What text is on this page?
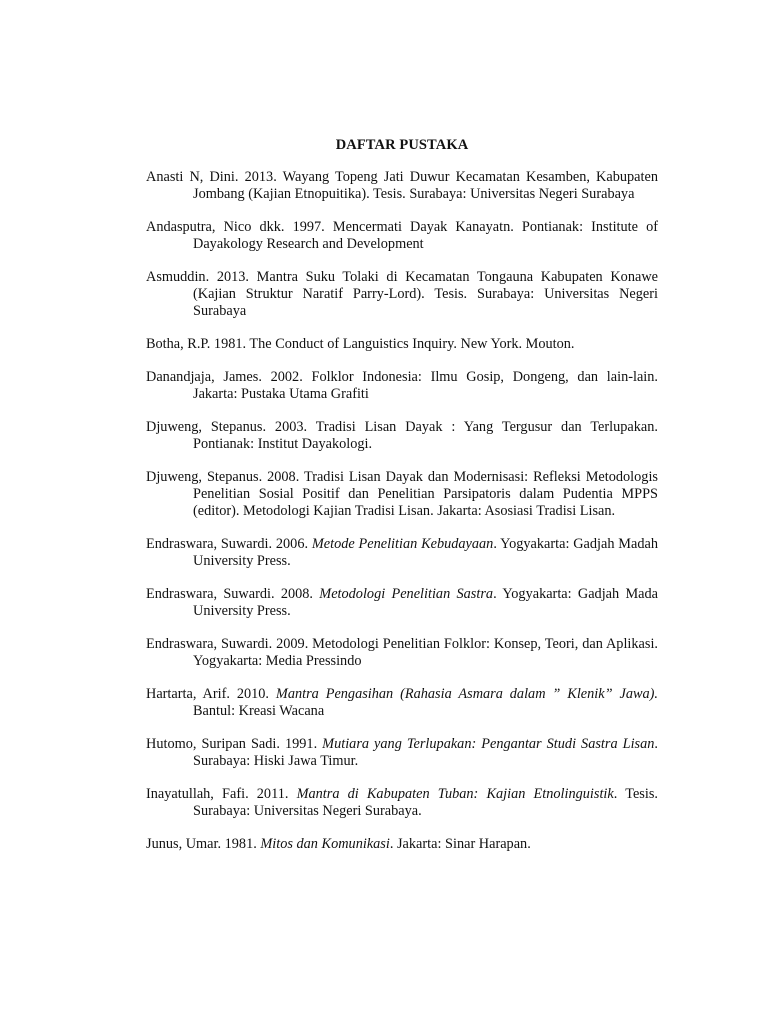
DAFTAR PUSTAKA

Anasti N, Dini. 2013. Wayang Topeng Jati Duwur Kecamatan Kesamben, Kabupaten Jombang (Kajian Etnopuitika). Tesis. Surabaya: Universitas Negeri Surabaya

Andasputra, Nico dkk. 1997. Mencermati Dayak Kanayatn. Pontianak: Institute of Dayakology Research and Development

Asmuddin. 2013. Mantra Suku Tolaki di Kecamatan Tongauna Kabupaten Konawe (Kajian Struktur Naratif Parry-Lord). Tesis. Surabaya: Universitas Negeri Surabaya

Botha, R.P. 1981. The Conduct of Languistics Inquiry. New York. Mouton.

Danandjaja, James. 2002. Folklor Indonesia: Ilmu Gosip, Dongeng, dan lain-lain. Jakarta: Pustaka Utama Grafiti

Djuweng, Stepanus. 2003. Tradisi Lisan Dayak : Yang Tergusur dan Terlupakan. Pontianak: Institut Dayakologi.

Djuweng, Stepanus. 2008. Tradisi Lisan Dayak dan Modernisasi: Refleksi Metodologis Penelitian Sosial Positif dan Penelitian Parsipatoris dalam Pudentia MPPS (editor). Metodologi Kajian Tradisi Lisan. Jakarta: Asosiasi Tradisi Lisan.

Endraswara, Suwardi. 2006. Metode Penelitian Kebudayaan. Yogyakarta: Gadjah Madah University Press.

Endraswara, Suwardi. 2008. Metodologi Penelitian Sastra. Yogyakarta: Gadjah Mada University Press.

Endraswara, Suwardi. 2009. Metodologi Penelitian Folklor: Konsep, Teori, dan Aplikasi. Yogyakarta: Media Pressindo

Hartarta, Arif. 2010. Mantra Pengasihan (Rahasia Asmara dalam ” Klenik” Jawa). Bantul: Kreasi Wacana

Hutomo, Suripan Sadi. 1991. Mutiara yang Terlupakan: Pengantar Studi Sastra Lisan. Surabaya: Hiski Jawa Timur.

Inayatullah, Fafi. 2011. Mantra di Kabupaten Tuban: Kajian Etnolinguistik. Tesis. Surabaya: Universitas Negeri Surabaya.

Junus, Umar. 1981. Mitos dan Komunikasi. Jakarta: Sinar Harapan.
